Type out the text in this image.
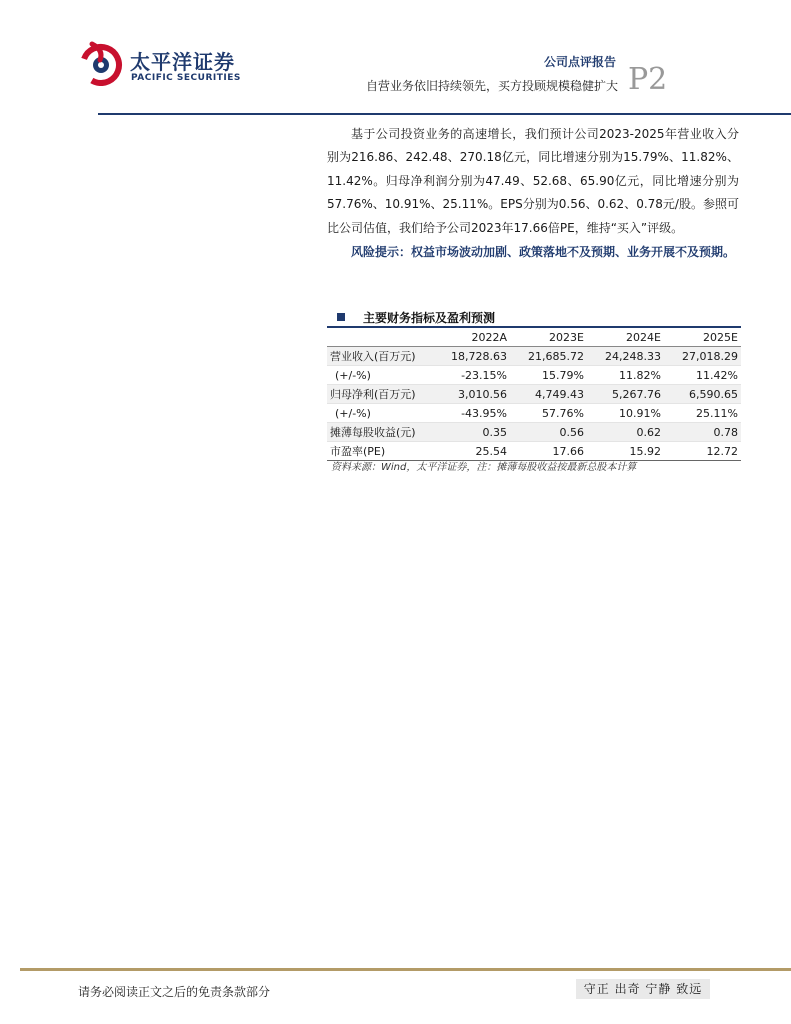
太平洋证券
PACIFIC SECURITIES
公司点评报告
自营业务依旧持续领先，买方投顾规模稳健扩大 P2

基于公司投资业务的高速增长，我们预计公司2023-2025年营业收入分别为216.86、242.48、270.18亿元，同比增速分别为15.79%、11.82%、11.42%。归母净利润分别为47.49、52.68、65.90亿元，同比增速分别为57.76%、10.91%、25.11%。EPS分别为0.56、0.62、0.78元/股。参照可比公司估值，我们给予公司2023年17.66倍PE，维持“买入”评级。

风险提示：权益市场波动加剧、政策落地不及预期、业务开展不及预期。

主要财务指标及盈利预测
	2022A	2023E	2024E	2025E
营业收入(百万元)	18,728.63	21,685.72	24,248.33	27,018.29
(+/-%)	-23.15%	15.79%	11.82%	11.42%
归母净利(百万元)	3,010.56	4,749.43	5,267.76	6,590.65
(+/-%)	-43.95%	57.76%	10.91%	25.11%
摊薄每股收益(元)	0.35	0.56	0.62	0.78
市盈率(PE)	25.54	17.66	15.92	12.72
资料来源：Wind，太平洋证券，注：摊薄每股收益按最新总股本计算
请务必阅读正文之后的免责条款部分	守正 出奇 宁静 致远
